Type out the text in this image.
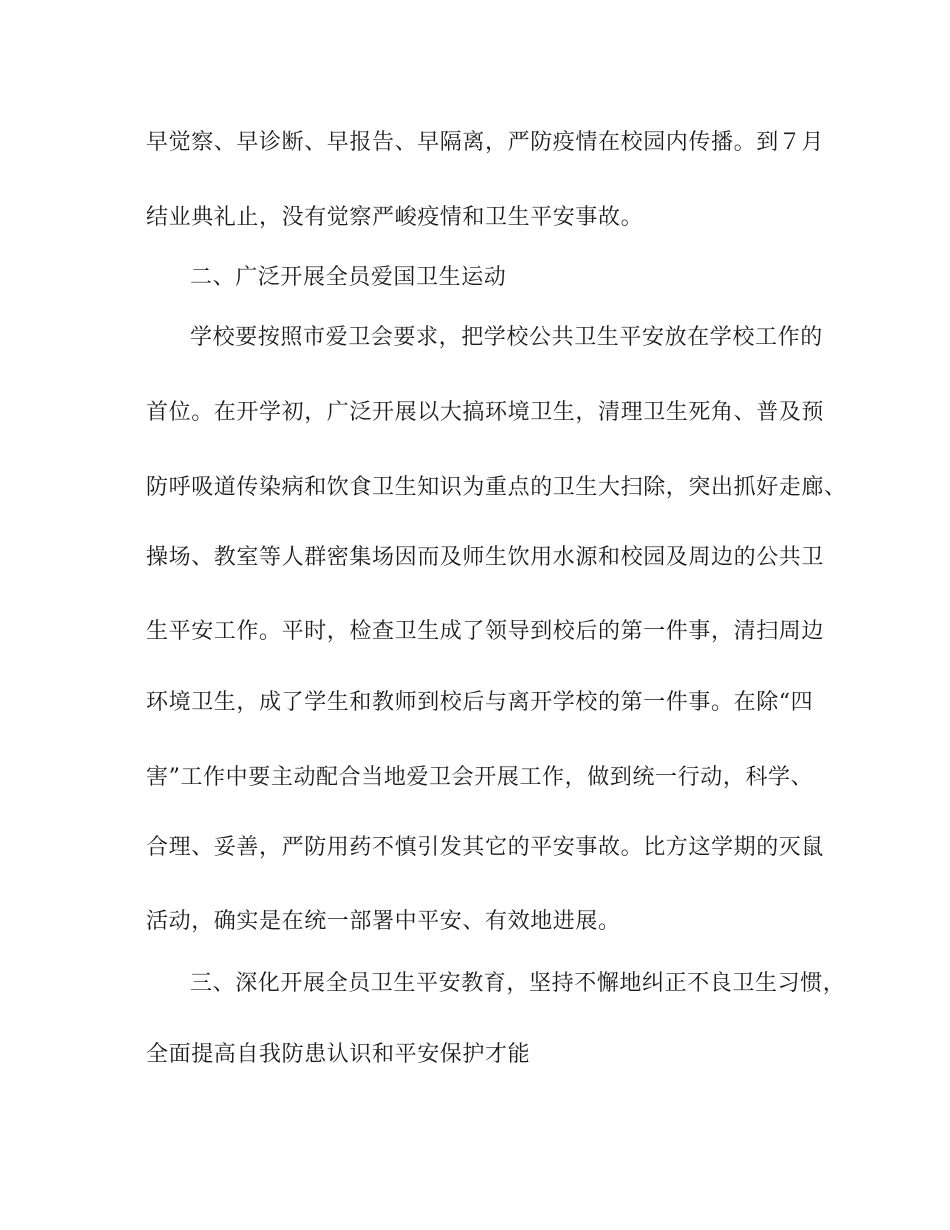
早觉察、早诊断、早报告、早隔离，严防疫情在校园内传播。到７月
结业典礼止，没有觉察严峻疫情和卫生平安事故。
二、广泛开展全员爱国卫生运动
学校要按照市爱卫会要求，把学校公共卫生平安放在学校工作的
首位。在开学初，广泛开展以大搞环境卫生，清理卫生死角、普及预
防呼吸道传染病和饮食卫生知识为重点的卫生大扫除，突出抓好走廊、
操场、教室等人群密集场因而及师生饮用水源和校园及周边的公共卫
生平安工作。平时，检查卫生成了领导到校后的第一件事，清扫周边
环境卫生，成了学生和教师到校后与离开学校的第一件事。在除“四
害”工作中要主动配合当地爱卫会开展工作，做到统一行动，科学、
合理、妥善，严防用药不慎引发其它的平安事故。比方这学期的灭鼠
活动，确实是在统一部署中平安、有效地进展。
三、深化开展全员卫生平安教育，坚持不懈地纠正不良卫生习惯，
全面提高自我防患认识和平安保护才能
